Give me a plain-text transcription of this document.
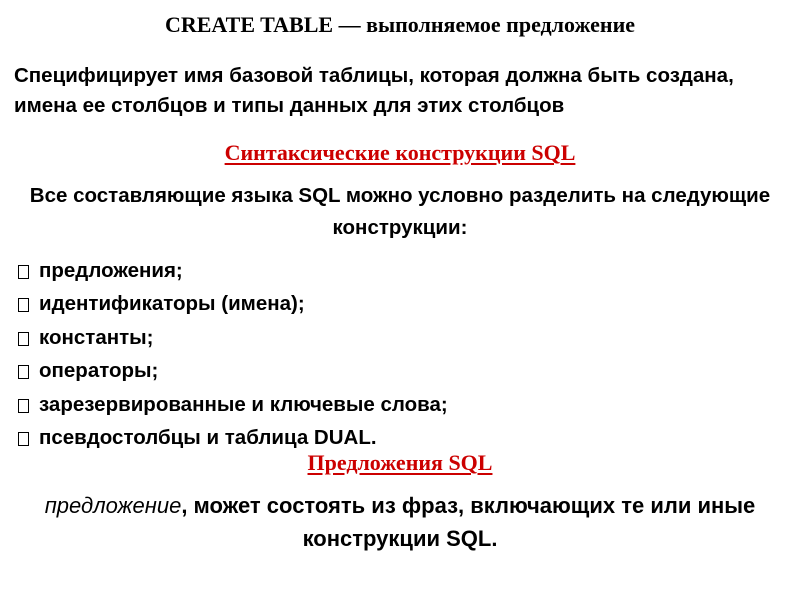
CREATE TABLE — выполняемое предложение
Специфицирует имя базовой таблицы, которая должна быть создана, имена ее столбцов и типы данных для этих столбцов
Синтаксические конструкции SQL
Все составляющие языка SQL можно условно разделить на следующие конструкции:
предложения;
идентификаторы (имена);
константы;
операторы;
зарезервированные и ключевые слова;
псевдостолбцы и таблица DUAL.
Предложения SQL
предложение, может состоять из фраз, включающих те или иные конструкции SQL.
